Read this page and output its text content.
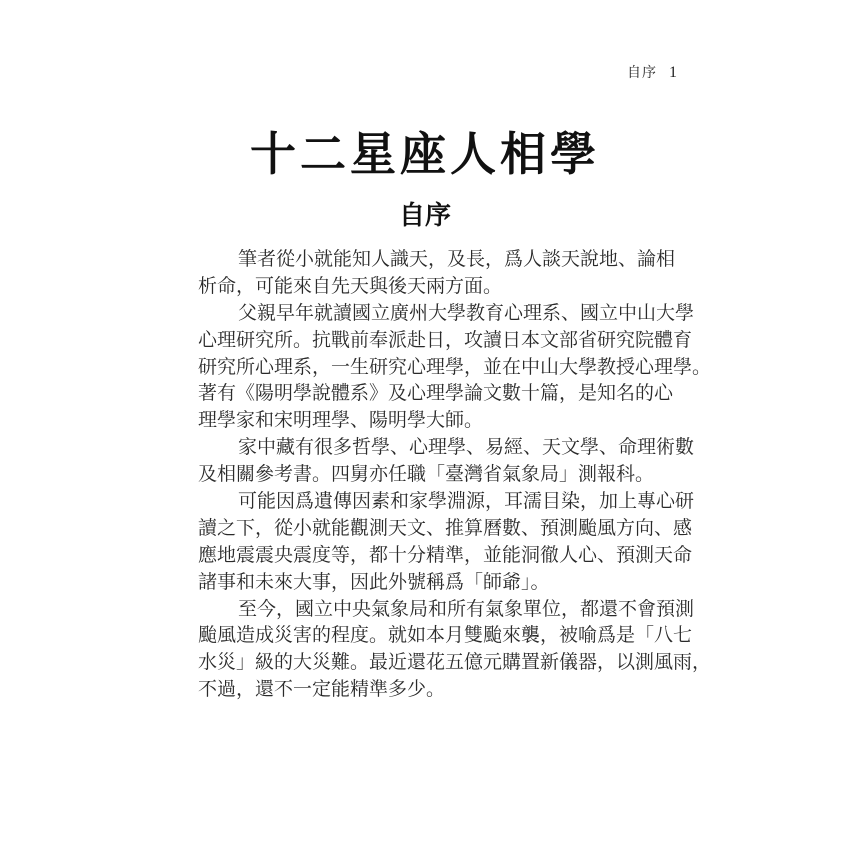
自序 1
十二星座人相學
自序
筆者從小就能知人識天，及長，爲人談天說地、論相
析命，可能來自先天與後天兩方面。
父親早年就讀國立廣州大學教育心理系、國立中山大學
心理研究所。抗戰前奉派赴日，攻讀日本文部省研究院體育
研究所心理系，一生研究心理學，並在中山大學教授心理學。
著有《陽明學說體系》及心理學論文數十篇，是知名的心
理學家和宋明理學、陽明學大師。
家中藏有很多哲學、心理學、易經、天文學、命理術數
及相關參考書。四舅亦任職「臺灣省氣象局」測報科。
可能因爲遺傳因素和家學淵源，耳濡目染，加上專心研
讀之下，從小就能觀測天文、推算曆數、預測颱風方向、感
應地震震央震度等，都十分精準，並能洞徹人心、預測天命
諸事和未來大事，因此外號稱爲「師爺」。
至今，國立中央氣象局和所有氣象單位，都還不會預測
颱風造成災害的程度。就如本月雙颱來襲，被喻爲是「八七
水災」級的大災難。最近還花五億元購置新儀器，以測風雨，
不過，還不一定能精準多少。
